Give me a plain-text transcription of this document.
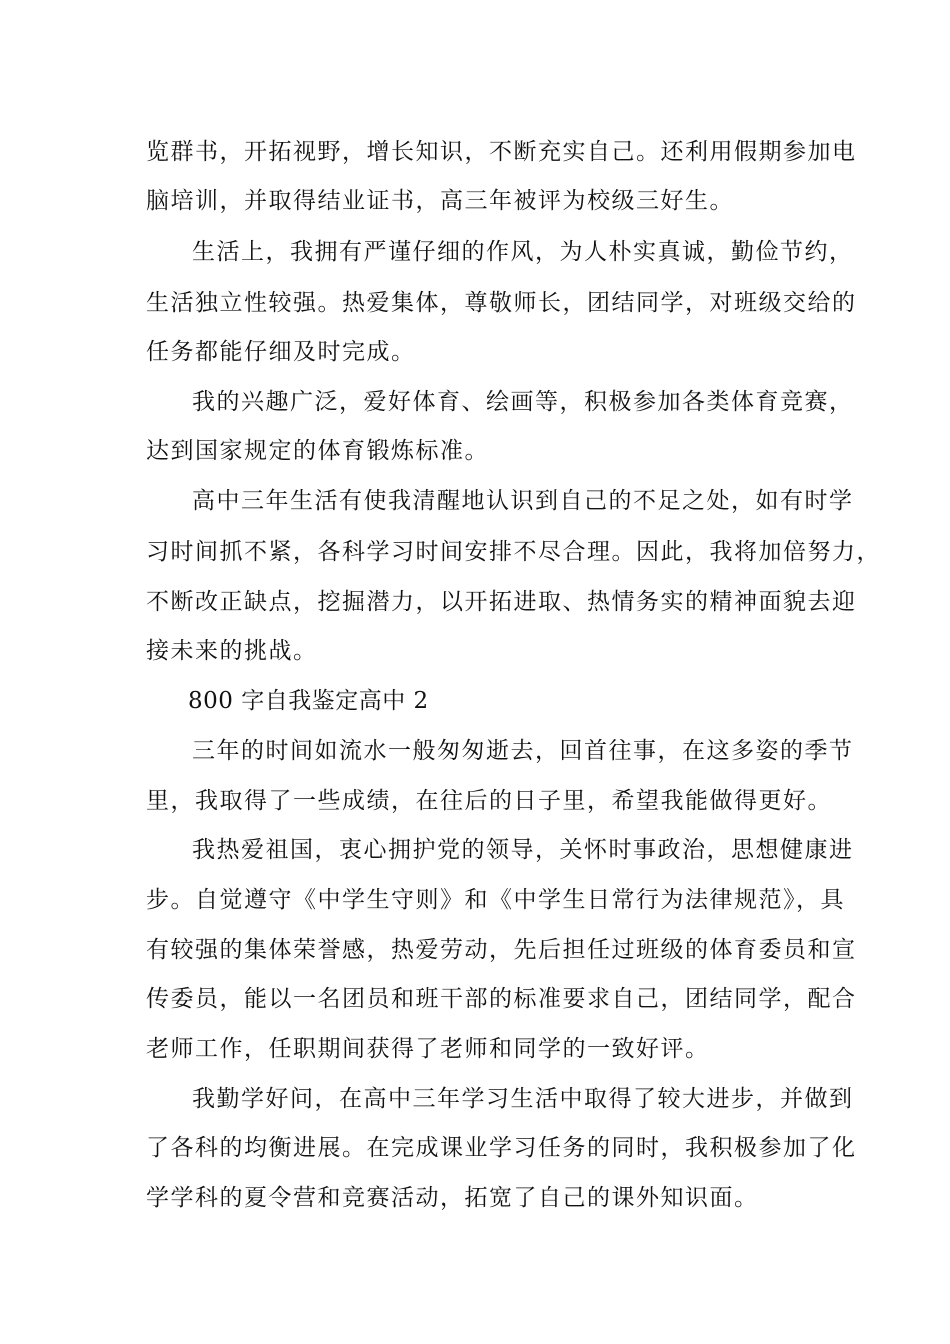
览群书，开拓视野，增长知识，不断充实自己。还利用假期参加电
脑培训，并取得结业证书，高三年被评为校级三好生。
生活上，我拥有严谨仔细的作风，为人朴实真诚，勤俭节约，
生活独立性较强。热爱集体，尊敬师长，团结同学，对班级交给的
任务都能仔细及时完成。
我的兴趣广泛，爱好体育、绘画等，积极参加各类体育竞赛，
达到国家规定的体育锻炼标准。
高中三年生活有使我清醒地认识到自己的不足之处，如有时学
习时间抓不紧，各科学习时间安排不尽合理。因此，我将加倍努力，
不断改正缺点，挖掘潜力，以开拓进取、热情务实的精神面貌去迎
接未来的挑战。
800 字自我鉴定高中 2
三年的时间如流水一般匆匆逝去，回首往事，在这多姿的季节
里，我取得了一些成绩，在往后的日子里，希望我能做得更好。
我热爱祖国，衷心拥护党的领导，关怀时事政治，思想健康进
步。自觉遵守《中学生守则》和《中学生日常行为法律规范》，具
有较强的集体荣誉感，热爱劳动，先后担任过班级的体育委员和宣
传委员，能以一名团员和班干部的标准要求自己，团结同学，配合
老师工作，任职期间获得了老师和同学的一致好评。
我勤学好问，在高中三年学习生活中取得了较大进步，并做到
了各科的均衡进展。在完成课业学习任务的同时，我积极参加了化
学学科的夏令营和竞赛活动，拓宽了自己的课外知识面。
